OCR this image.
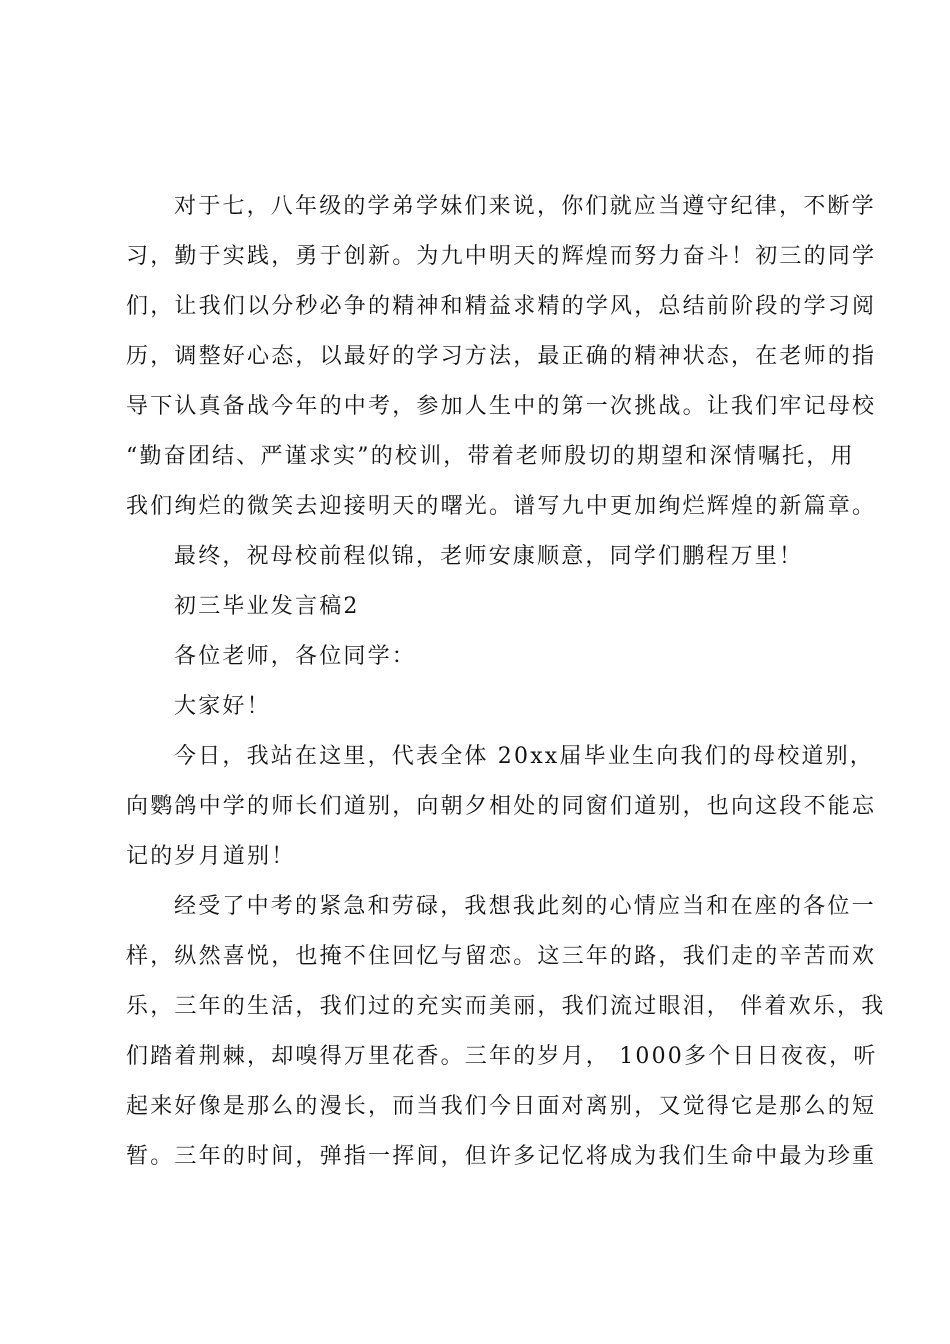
对于七，八年级的学弟学妹们来说，你们就应当遵守纪律，不断学
习，勤于实践，勇于创新。为九中明天的辉煌而努力奋斗！初三的同学
们，让我们以分秒必争的精神和精益求精的学风，总结前阶段的学习阅
历，调整好心态，以最好的学习方法，最正确的精神状态，在老师的指
导下认真备战今年的中考，参加人生中的第一次挑战。让我们牢记母校
“勤奋团结、严谨求实”的校训，带着老师殷切的期望和深情嘱托，用
我们绚烂的微笑去迎接明天的曙光。谱写九中更加绚烂辉煌的新篇章。
最终，祝母校前程似锦，老师安康顺意，同学们鹏程万里！
初三毕业发言稿2
各位老师，各位同学：
大家好！
今日，我站在这里，代表全体 20xx届毕业生向我们的母校道别，
向鹦鸽中学的师长们道别，向朝夕相处的同窗们道别，也向这段不能忘
记的岁月道别！
经受了中考的紧急和劳碌，我想我此刻的心情应当和在座的各位一
样，纵然喜悦，也掩不住回忆与留恋。这三年的路，我们走的辛苦而欢
乐，三年的生活，我们过的充实而美丽，我们流过眼泪， 伴着欢乐，我
们踏着荆棘，却嗅得万里花香。三年的岁月， 1000多个日日夜夜，听
起来好像是那么的漫长，而当我们今日面对离别，又觉得它是那么的短
暂。三年的时间，弹指一挥间，但许多记忆将成为我们生命中最为珍重
